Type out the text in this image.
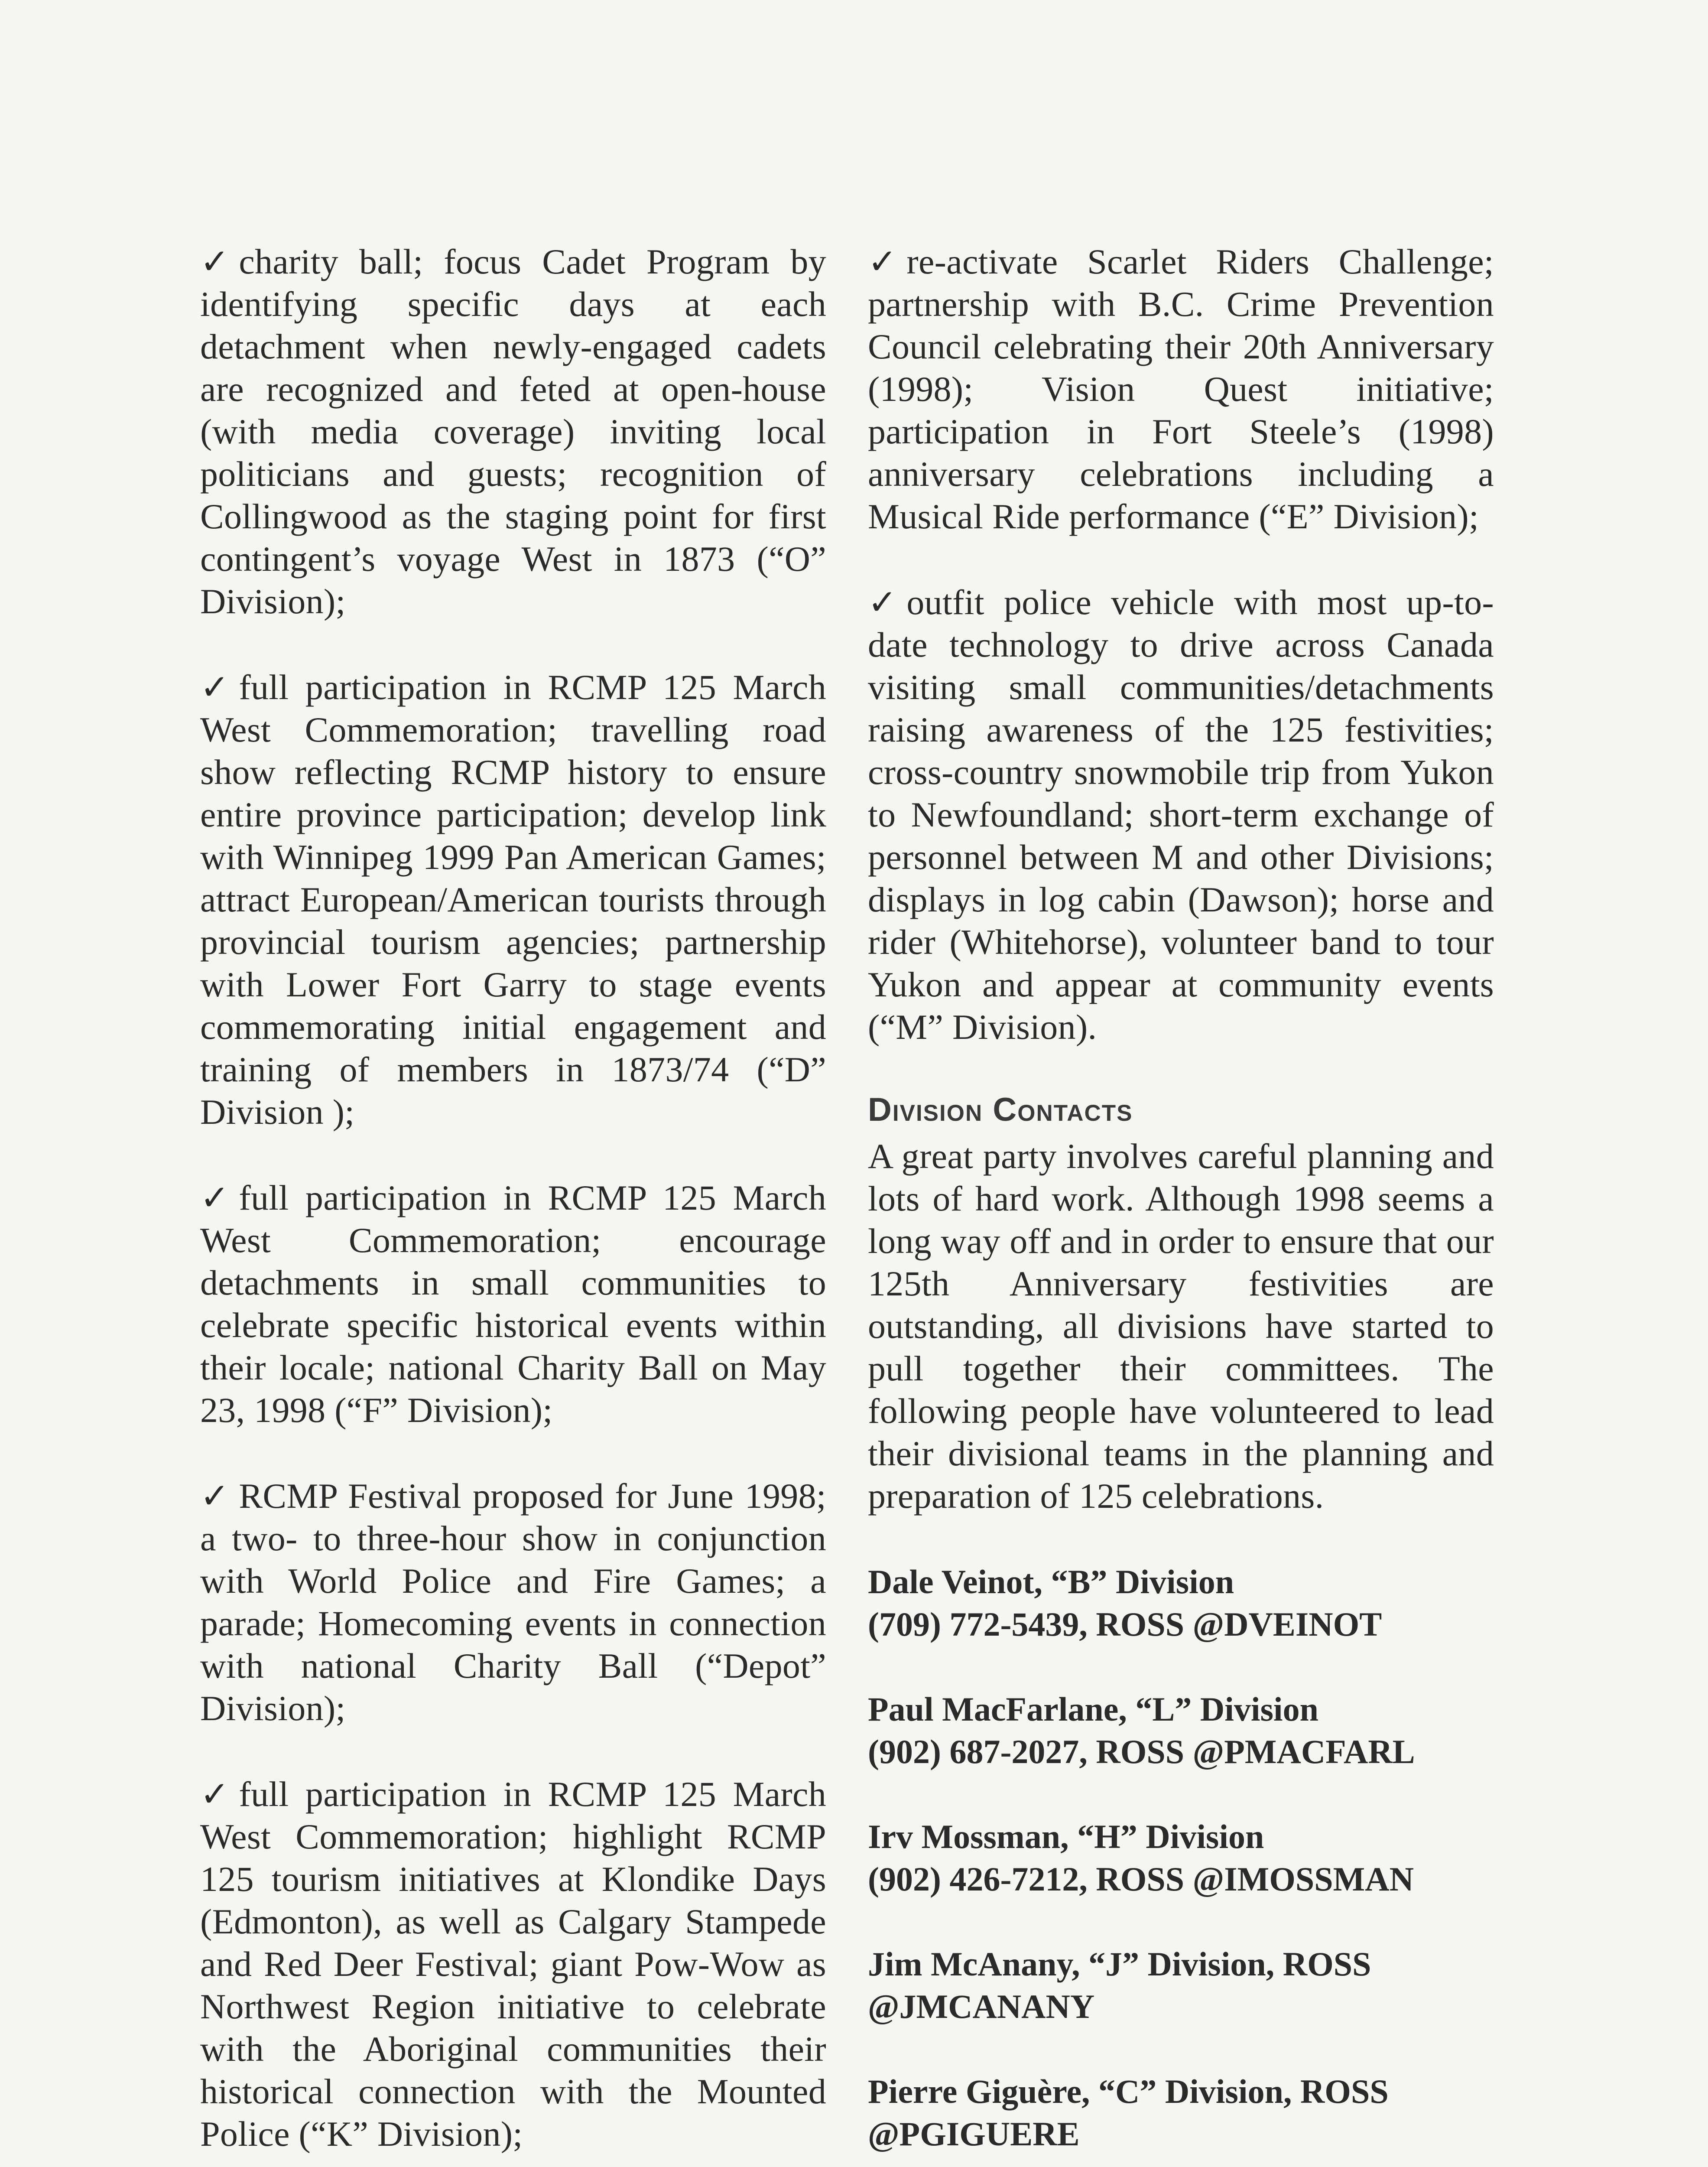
✓ charity ball; focus Cadet Program by identifying specific days at each detachment when newly-engaged cadets are recognized and feted at open-house (with media coverage) inviting local politicians and guests; recognition of Collingwood as the staging point for first contingent’s voyage West in 1873 (“O” Division);

✓ full participation in RCMP 125 March West Commemoration; travelling road show reflecting RCMP history to ensure entire province participation; develop link with Winnipeg 1999 Pan American Games; attract European/American tourists through provincial tourism agencies; partnership with Lower Fort Garry to stage events commemorating initial engagement and training of members in 1873/74 (“D” Division );

✓ full participation in RCMP 125 March West Commemoration; encourage detachments in small communities to celebrate specific historical events within their locale; national Charity Ball on May 23, 1998 (“F” Division);

✓ RCMP Festival proposed for June 1998; a two- to three-hour show in conjunction with World Police and Fire Games; a parade; Homecoming events in connection with national Charity Ball (“Depot” Division);

✓ full participation in RCMP 125 March West Commemoration; highlight RCMP 125 tourism initiatives at Klondike Days (Edmonton), as well as Calgary Stampede and Red Deer Festival; giant Pow-Wow as Northwest Region initiative to celebrate with the Aboriginal communities their historical connection with the Mounted Police (“K” Division);

✓ re-activate Scarlet Riders Challenge; partnership with B.C. Crime Prevention Council celebrating their 20th Anniversary (1998); Vision Quest initiative; participation in Fort Steele’s (1998) anniversary celebrations including a Musical Ride performance (“E” Division);

✓ outfit police vehicle with most up-to-date technology to drive across Canada visiting small communities/detachments raising awareness of the 125 festivities; cross-country snowmobile trip from Yukon to Newfoundland; short-term exchange of personnel between M and other Divisions; displays in log cabin (Dawson); horse and rider (Whitehorse), volunteer band to tour Yukon and appear at community events (“M” Division).

Division Contacts

A great party involves careful planning and lots of hard work. Although 1998 seems a long way off and in order to ensure that our 125th Anniversary festivities are outstanding, all divisions have started to pull together their committees. The following people have volunteered to lead their divisional teams in the planning and preparation of 125 celebrations.

Dale Veinot, “B” Division
(709) 772-5439, ROSS @DVEINOT
Paul MacFarlane, “L” Division
(902) 687-2027, ROSS @PMACFARL
Irv Mossman, “H” Division
(902) 426-7212, ROSS @IMOSSMAN
Jim McAnany, “J” Division, ROSS
@JMCANANY
Pierre Giguère, “C” Division, ROSS
@PGIGUERE
